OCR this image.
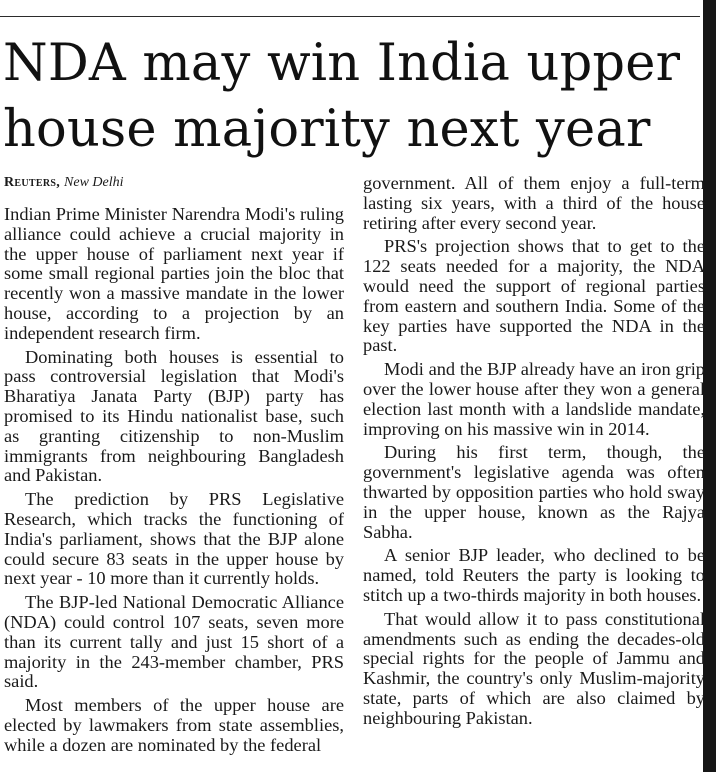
NDA may win India upper
house majority next year
Reuters, New Delhi

Indian Prime Minister Narendra Modi's ruling alliance could achieve a crucial majority in the upper house of parliament next year if some small regional parties join the bloc that recently won a massive mandate in the lower house, according to a projection by an independent research firm.

Dominating both houses is essential to pass controversial legislation that Modi's Bharatiya Janata Party (BJP) party has promised to its Hindu nationalist base, such as granting citizenship to non-Muslim immigrants from neighbouring Bangladesh and Pakistan.

The prediction by PRS Legislative Research, which tracks the functioning of India's parliament, shows that the BJP alone could secure 83 seats in the upper house by next year - 10 more than it currently holds.

The BJP-led National Democratic Alliance (NDA) could control 107 seats, seven more than its current tally and just 15 short of a majority in the 243-member chamber, PRS said.

Most members of the upper house are elected by lawmakers from state assemblies, while a dozen are nominated by the federal

government. All of them enjoy a full-term lasting six years, with a third of the house retiring after every second year.

PRS's projection shows that to get to the 122 seats needed for a majority, the NDA would need the support of regional parties from eastern and southern India. Some of the key parties have supported the NDA in the past.

Modi and the BJP already have an iron grip over the lower house after they won a general election last month with a landslide mandate, improving on his massive win in 2014.

During his first term, though, the government's legislative agenda was often thwarted by opposition parties who hold sway in the upper house, known as the Rajya Sabha.

A senior BJP leader, who declined to be named, told Reuters the party is looking to stitch up a two-thirds majority in both houses.

That would allow it to pass constitutional amendments such as ending the decades-old special rights for the people of Jammu and Kashmir, the country's only Muslim-majority state, parts of which are also claimed by neighbouring Pakistan.
